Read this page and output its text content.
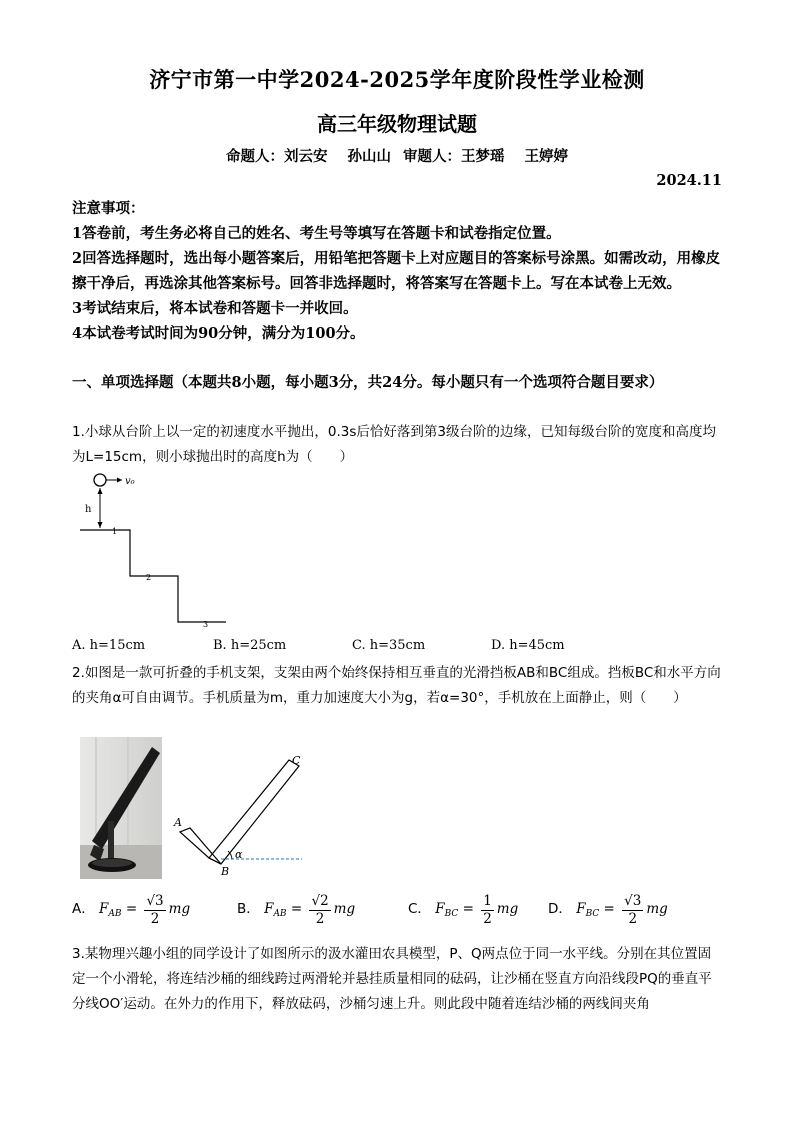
济宁市第一中学2024-2025学年度阶段性学业检测
高三年级物理试题
命题人：刘云安 孙山山 审题人：王梦瑶 王婷婷
2024.11

注意事项：

1答卷前，考生务必将自己的姓名、考生号等填写在答题卡和试卷指定位置。

2回答选择题时，选出每小题答案后，用铅笔把答题卡上对应题目的答案标号涂黑。如需改动，用橡皮擦干净后，再选涂其他答案标号。回答非选择题时，将答案写在答题卡上。写在本试卷上无效。

3考试结束后，将本试卷和答题卡一并收回。

4本试卷考试时间为90分钟，满分为100分。

一、单项选择题（本题共8小题，每小题3分，共24分。每小题只有一个选项符合题目要求）

1.小球从台阶上以一定的初速度水平抛出，0.3s后恰好落到第3级台阶的边缘，已知每级台阶的宽度和高度均为L=15cm，则小球抛出时的高度h为（　　）

v₀
h
1
2
3
A. h=15cm	B. h=25cm	C. h=35cm	D. h=45cm

2.如图是一款可折叠的手机支架，支架由两个始终保持相互垂直的光滑挡板AB和BC组成。挡板BC和水平方向的夹角α可自由调节。手机质量为m，重力加速度大小为g，若α=30°，手机放在上面静止，则（　　）

A
B
C
α
A． $F_{AB} = \frac{√3}{2}$ mg	B． $F_{AB} = \frac{√2}{2}$ mg	C． $F_{BC} = \frac{1}{2}$ mg D． $F_{BC} = \frac{√3}{2}$ mg

3.某物理兴趣小组的同学设计了如图所示的汲水灌田农具模型，P、Q两点位于同一水平线。分别在其位置固定一个小滑轮，将连结沙桶的细线跨过两滑轮并悬挂质量相同的砝码，让沙桶在竖直方向沿线段PQ的垂直平分线OO′运动。在外力的作用下，释放砝码，沙桶匀速上升。则此段中随着连结沙桶的两线间夹角
